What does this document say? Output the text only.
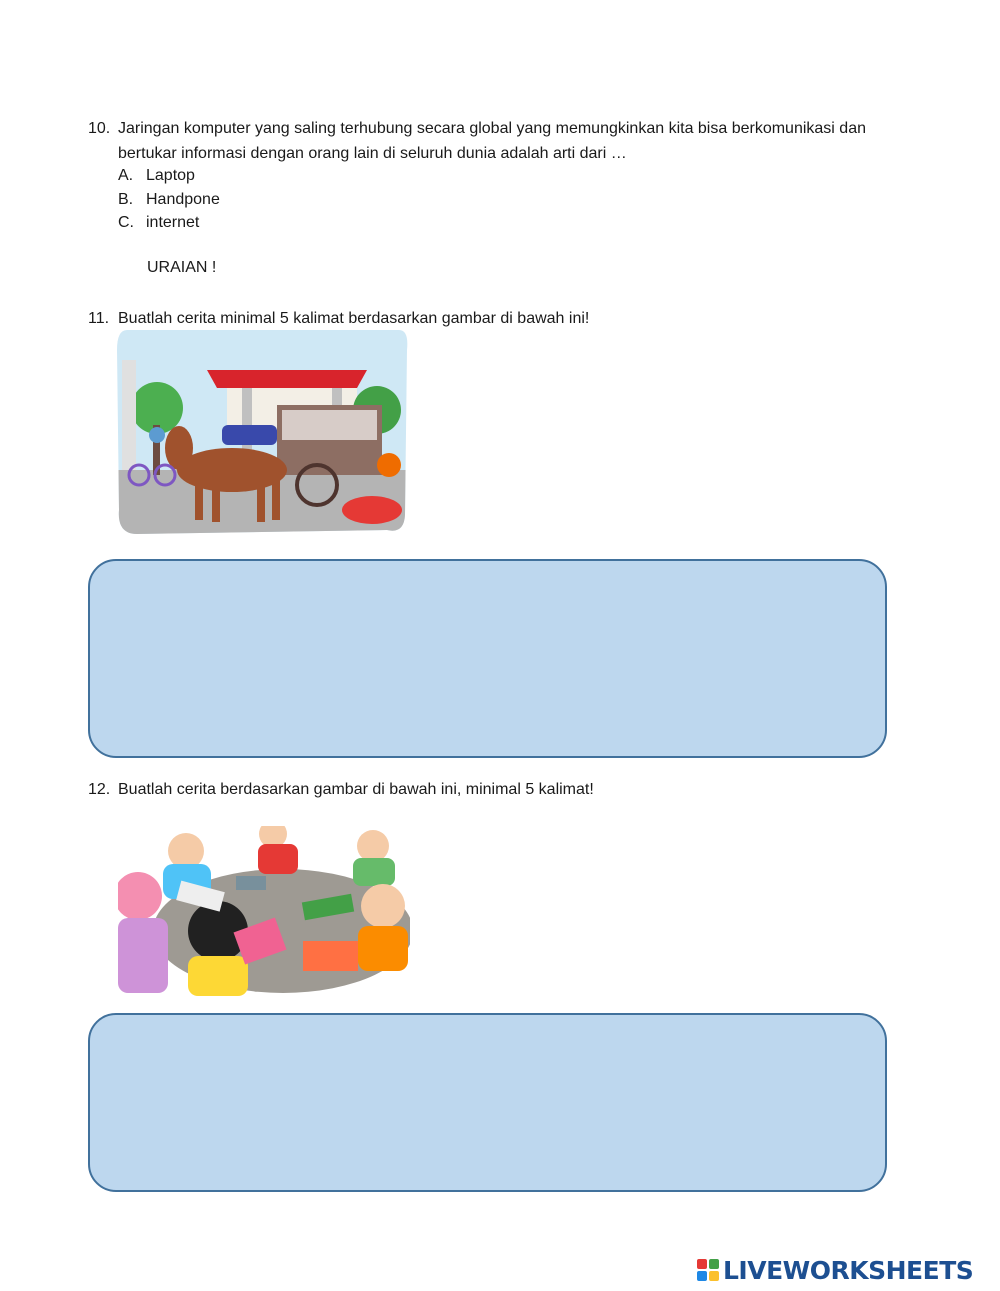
10. Jaringan komputer yang saling terhubung secara global yang memungkinkan kita bisa berkomunikasi dan bertukar informasi dengan orang lain di seluruh dunia adalah arti dari …
A. Laptop
B. Handpone
C. internet
URAIAN !
11. Buatlah cerita minimal 5 kalimat berdasarkan gambar di bawah ini!
12. Buatlah cerita berdasarkan gambar di bawah ini, minimal 5 kalimat!
LIVEWORKSHEETS
